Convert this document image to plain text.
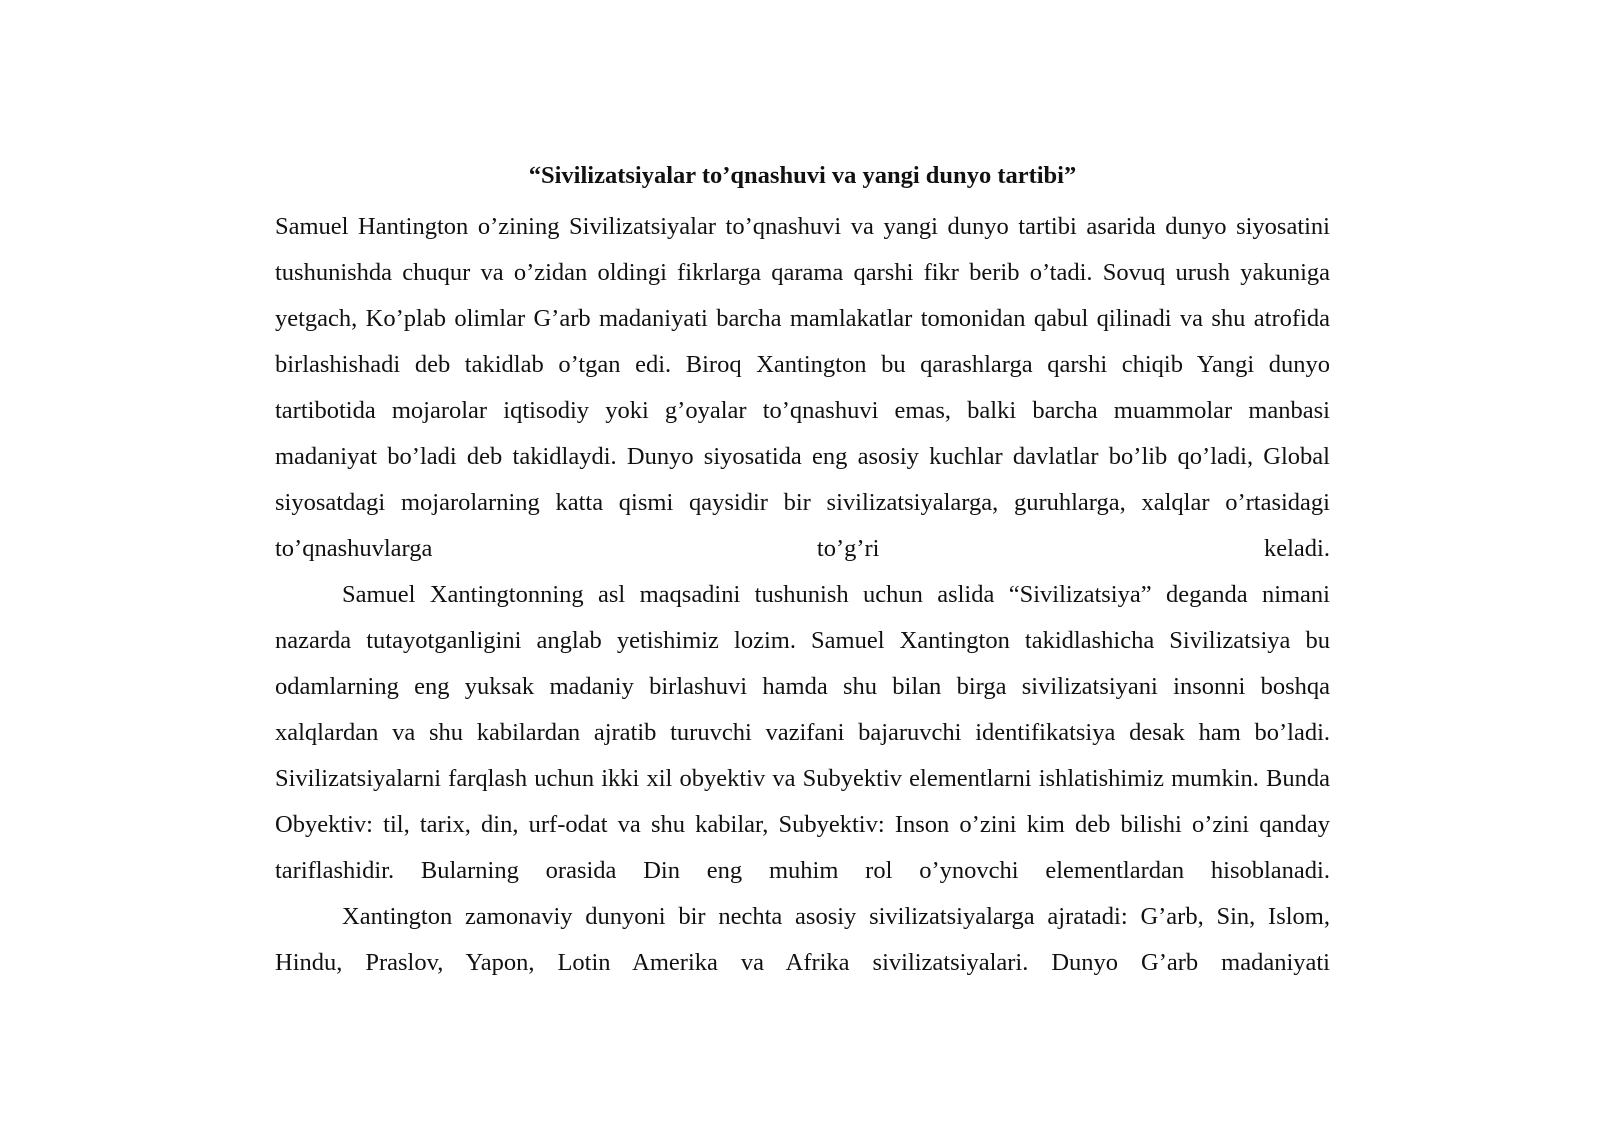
“Sivilizatsiyalar to’qnashuvi va yangi dunyo tartibi”

Samuel Hantington o’zining Sivilizatsiyalar to’qnashuvi va yangi dunyo tartibi asarida dunyo siyosatini tushunishda chuqur va o’zidan oldingi fikrlarga qarama qarshi fikr berib o’tadi. Sovuq urush yakuniga yetgach, Ko’plab olimlar G’arb madaniyati barcha mamlakatlar tomonidan qabul qilinadi va shu atrofida birlashishadi deb takidlab o’tgan edi. Biroq Xantington bu qarashlarga qarshi chiqib Yangi dunyo tartibotida mojarolar iqtisodiy yoki g’oyalar to’qnashuvi emas, balki barcha muammolar manbasi madaniyat bo’ladi deb takidlaydi. Dunyo siyosatida eng asosiy kuchlar davlatlar bo’lib qo’ladi, Global siyosatdagi mojarolarning katta qismi qaysidir bir sivilizatsiyalarga, guruhlarga, xalqlar o’rtasidagi to’qnashuvlarga to’g’ri keladi.

Samuel Xantingtonning asl maqsadini tushunish uchun aslida “Sivilizatsiya” deganda nimani nazarda tutayotganligini anglab yetishimiz lozim. Samuel Xantington takidlashicha Sivilizatsiya bu odamlarning eng yuksak madaniy birlashuvi hamda shu bilan birga sivilizatsiyani insonni boshqa xalqlardan va shu kabilardan ajratib turuvchi vazifani bajaruvchi identifikatsiya desak ham bo’ladi. Sivilizatsiyalarni farqlash uchun ikki xil obyektiv va Subyektiv elementlarni ishlatishimiz mumkin. Bunda Obyektiv: til, tarix, din, urf-odat va shu kabilar, Subyektiv: Inson o’zini kim deb bilishi o’zini qanday tariflashidir. Bularning orasida Din eng muhim rol o’ynovchi elementlardan hisoblanadi.

Xantington zamonaviy dunyoni bir nechta asosiy sivilizatsiyalarga ajratadi: G’arb, Sin, Islom, Hindu, Praslov, Yapon, Lotin Amerika va Afrika sivilizatsiyalari. Dunyo G’arb madaniyati
